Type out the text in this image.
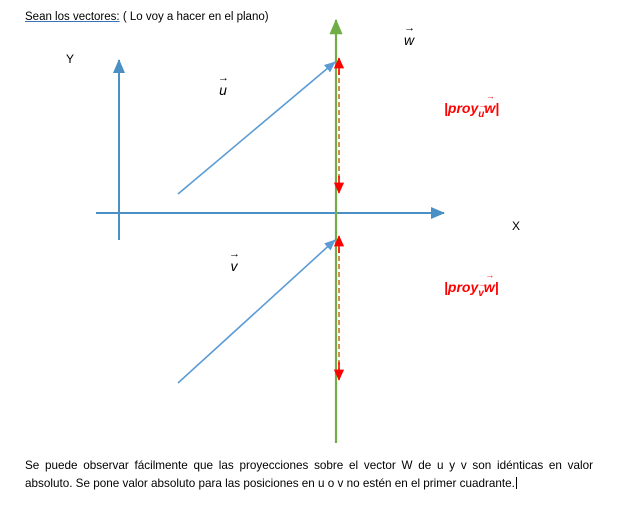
Sean los vectores: ( Lo voy a hacer en el plano)
Y
X
→
u
→
v
→
w
|proy$_u$ →w →|
|proy$_v$ →w →|
Se puede observar fácilmente que las proyecciones sobre el vector W de u y v son idénticas en valor absoluto. Se pone valor absoluto para las posiciones en u o v no estén en el primer cuadrante.
